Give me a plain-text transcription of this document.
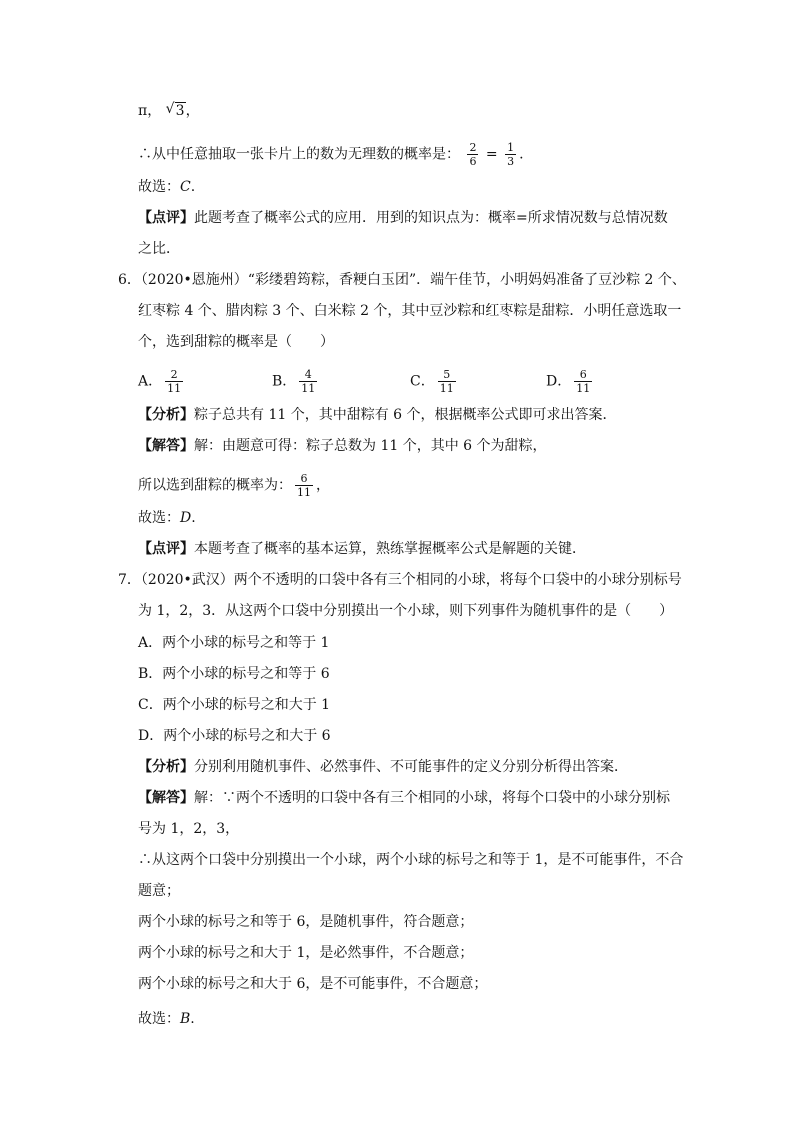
π， √ 3，
∴从中任意抽取一张卡片上的数为无理数的概率是： $\frac{2}{6} = \frac{1}{3}$ .
故选：C.
【点评】此题考查了概率公式的应用．用到的知识点为：概率=所求情况数与总情况数
之比．
6．（2020•恩施州）“彩缕碧筠粽，香粳白玉团”．端午佳节，小明妈妈准备了豆沙粽 2 个、
红枣粽 4 个、腊肉粽 3 个、白米粽 2 个，其中豆沙粽和红枣粽是甜粽．小明任意选取一
个，选到甜粽的概率是（　　）
A． $\frac{2}{11}$	B． $\frac{4}{11}$	C． $\frac{5}{11}$	D． $\frac{6}{11}$
【分析】粽子总共有 11 个，其中甜粽有 6 个，根据概率公式即可求出答案．
【解答】解：由题意可得：粽子总数为 11 个，其中 6 个为甜粽，
所以选到甜粽的概率为： $\frac{6}{11}$ ，
故选：D.
【点评】本题考查了概率的基本运算，熟练掌握概率公式是解题的关键．
7．（2020•武汉）两个不透明的口袋中各有三个相同的小球，将每个口袋中的小球分别标号
为 1，2，3．从这两个口袋中分别摸出一个小球，则下列事件为随机事件的是（　　）
A．两个小球的标号之和等于 1
B．两个小球的标号之和等于 6
C．两个小球的标号之和大于 1
D．两个小球的标号之和大于 6
【分析】分别利用随机事件、必然事件、不可能事件的定义分别分析得出答案．
【解答】解：∵两个不透明的口袋中各有三个相同的小球，将每个口袋中的小球分别标
号为 1，2，3，
∴从这两个口袋中分别摸出一个小球，两个小球的标号之和等于 1，是不可能事件，不合
题意；
两个小球的标号之和等于 6，是随机事件，符合题意；
两个小球的标号之和大于 1，是必然事件，不合题意；
两个小球的标号之和大于 6，是不可能事件，不合题意；
故选：B.
